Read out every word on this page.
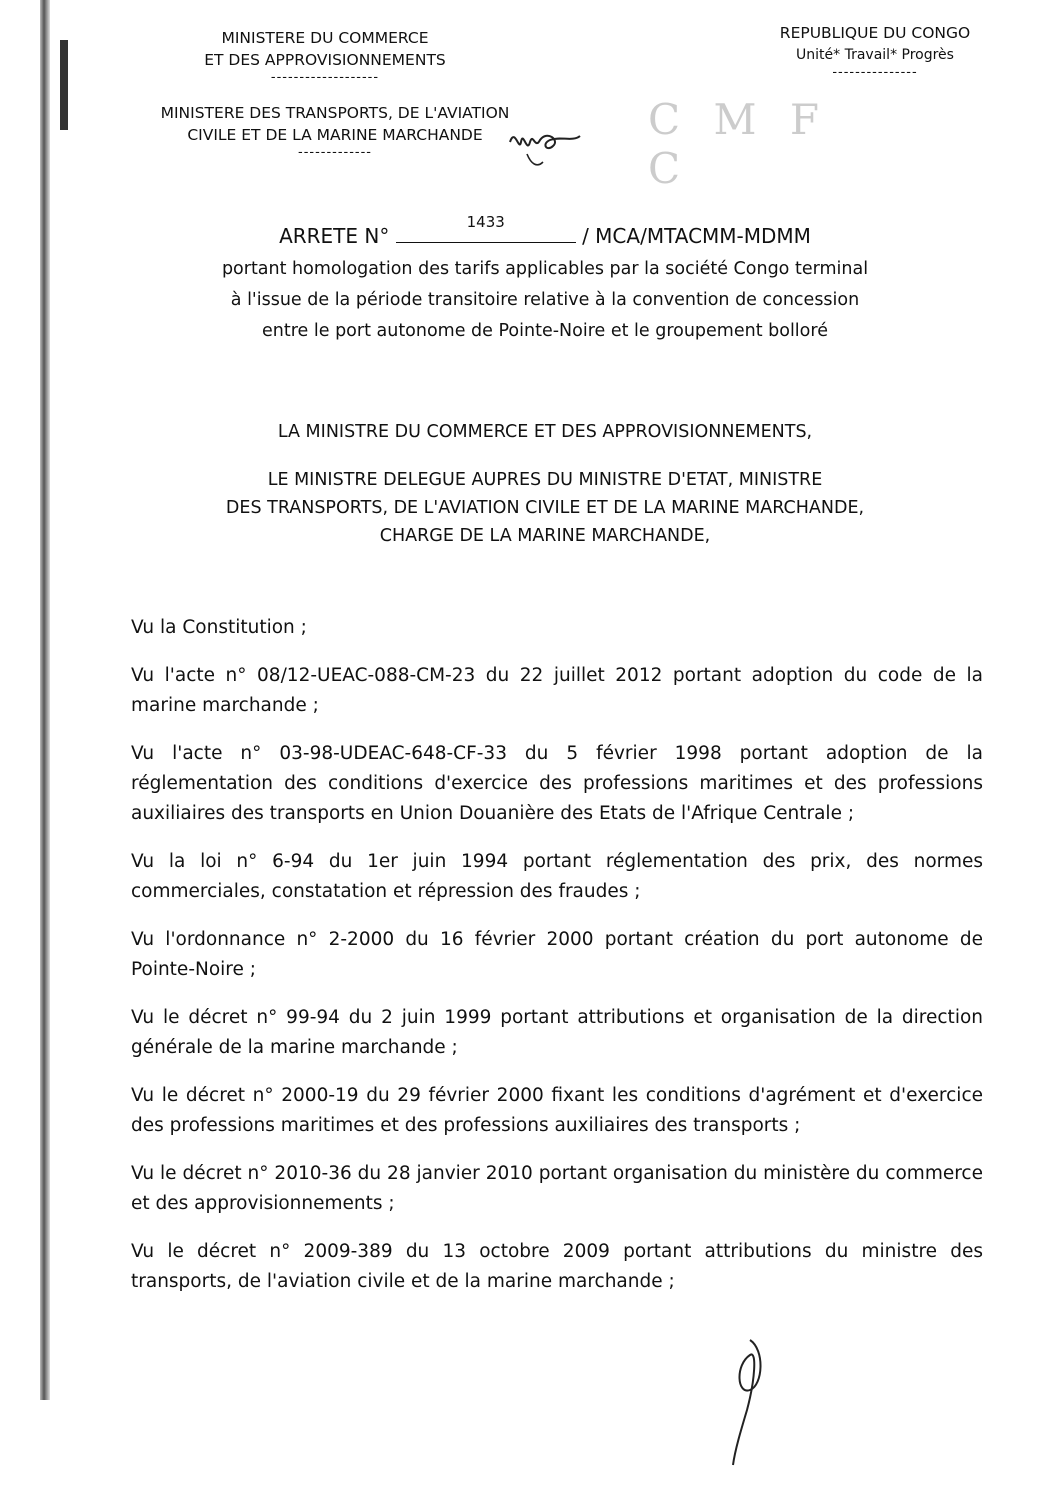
MINISTERE DU COMMERCE
ET DES APPROVISIONNEMENTS
-------------------
MINISTERE DES TRANSPORTS, DE L'AVIATION
CIVILE ET DE LA MARINE MARCHANDE
-------------
REPUBLIQUE DU CONGO
Unité* Travail* Progrès
---------------
C M F C
ARRETE N°
1433
/ MCA/MTACMM-MDMM
portant homologation des tarifs applicables par la société Congo terminal
à l'issue de la période transitoire relative à la convention de concession
entre le port autonome de Pointe-Noire et le groupement bolloré
LA MINISTRE DU COMMERCE ET DES APPROVISIONNEMENTS,
LE MINISTRE DELEGUE AUPRES DU MINISTRE D'ETAT, MINISTRE
DES TRANSPORTS, DE L'AVIATION CIVILE ET DE LA MARINE MARCHANDE,
CHARGE DE LA MARINE MARCHANDE,

Vu la Constitution ;

Vu l'acte n° 08/12-UEAC-088-CM-23 du 22 juillet 2012 portant adoption du code de la marine marchande ;

Vu l'acte n° 03-98-UDEAC-648-CF-33 du 5 février 1998 portant adoption de la réglementation des conditions d'exercice des professions maritimes et des professions auxiliaires des transports en Union Douanière des Etats de l'Afrique Centrale ;

Vu la loi n° 6-94 du 1er juin 1994 portant réglementation des prix, des normes commerciales, constatation et répression des fraudes ;

Vu l'ordonnance n° 2-2000 du 16 février 2000 portant création du port autonome de Pointe-Noire ;

Vu le décret n° 99-94 du 2 juin 1999 portant attributions et organisation de la direction générale de la marine marchande ;

Vu le décret n° 2000-19 du 29 février 2000 fixant les conditions d'agrément et d'exercice des professions maritimes et des professions auxiliaires des transports ;

Vu le décret n° 2010-36 du 28 janvier 2010 portant organisation du ministère du commerce et des approvisionnements ;

Vu le décret n° 2009-389 du 13 octobre 2009 portant attributions du ministre des transports, de l'aviation civile et de la marine marchande ;
